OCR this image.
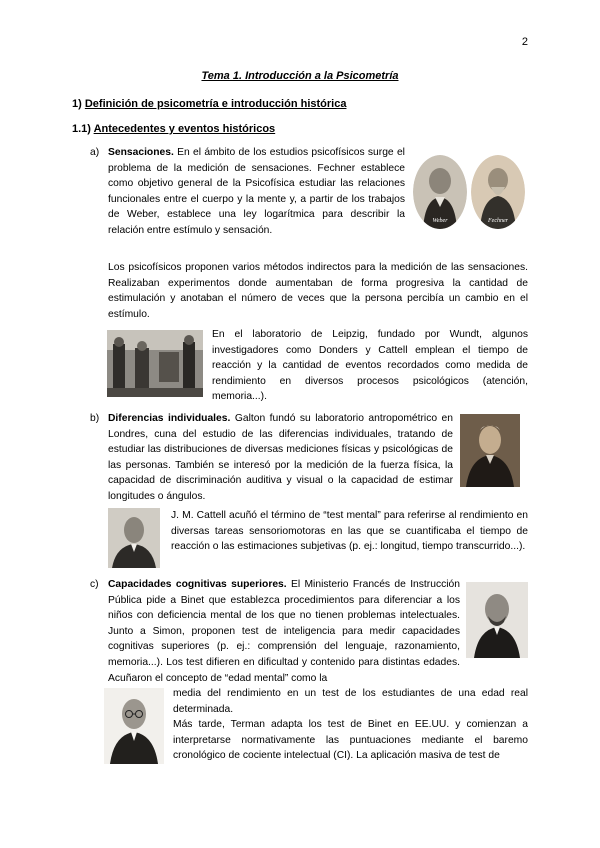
2
Tema 1. Introducción a la Psicometría
1) Definición de psicometría e introducción histórica
1.1) Antecedentes y eventos históricos
a) Sensaciones. En el ámbito de los estudios psicofísicos surge el problema de la medición de sensaciones. Fechner establece como objetivo general de la Psicofísica estudiar las relaciones funcionales entre el cuerpo y la mente y, a partir de los trabajos de Weber, establece una ley logarítmica para describir la relación entre estímulo y sensación.
Weber	Fechner
Los psicofísicos proponen varios métodos indirectos para la medición de las sensaciones. Realizaban experimentos donde aumentaban de forma progresiva la cantidad de estimulación y anotaban el número de veces que la persona percibía un cambio en el estímulo.
En el laboratorio de Leipzig, fundado por Wundt, algunos investigadores como Donders y Cattell emplean el tiempo de reacción y la cantidad de eventos recordados como medida de rendimiento en diversos procesos psicológicos (atención, memoria...).
b) Diferencias individuales. Galton fundó su laboratorio antropométrico en Londres, cuna del estudio de las diferencias individuales, tratando de estudiar las distribuciones de diversas mediciones físicas y psicológicas de las personas. También se interesó por la medición de la fuerza física, la capacidad de discriminación auditiva y visual o la capacidad de estimar longitudes o ángulos.
J. M. Cattell acuñó el término de “test mental” para referirse al rendimiento en diversas tareas sensoriomotoras en las que se cuantificaba el tiempo de reacción o las estimaciones subjetivas (p. ej.: longitud, tiempo transcurrido...).
c) Capacidades cognitivas superiores. El Ministerio Francés de Instrucción Pública pide a Binet que establezca procedimientos para diferenciar a los niños con deficiencia mental de los que no tienen problemas intelectuales. Junto a Simon, proponen test de inteligencia para medir capacidades cognitivas superiores (p. ej.: comprensión del lenguaje, razonamiento, memoria...). Los test difieren en dificultad y contenido para distintas edades. Acuñaron el concepto de “edad mental” como la
media del rendimiento en un test de los estudiantes de una edad real determinada.
Más tarde, Terman adapta los test de Binet en EE.UU. y comienzan a interpretarse normativamente las puntuaciones mediante el baremo cronológico de cociente intelectual (CI). La aplicación masiva de test de
